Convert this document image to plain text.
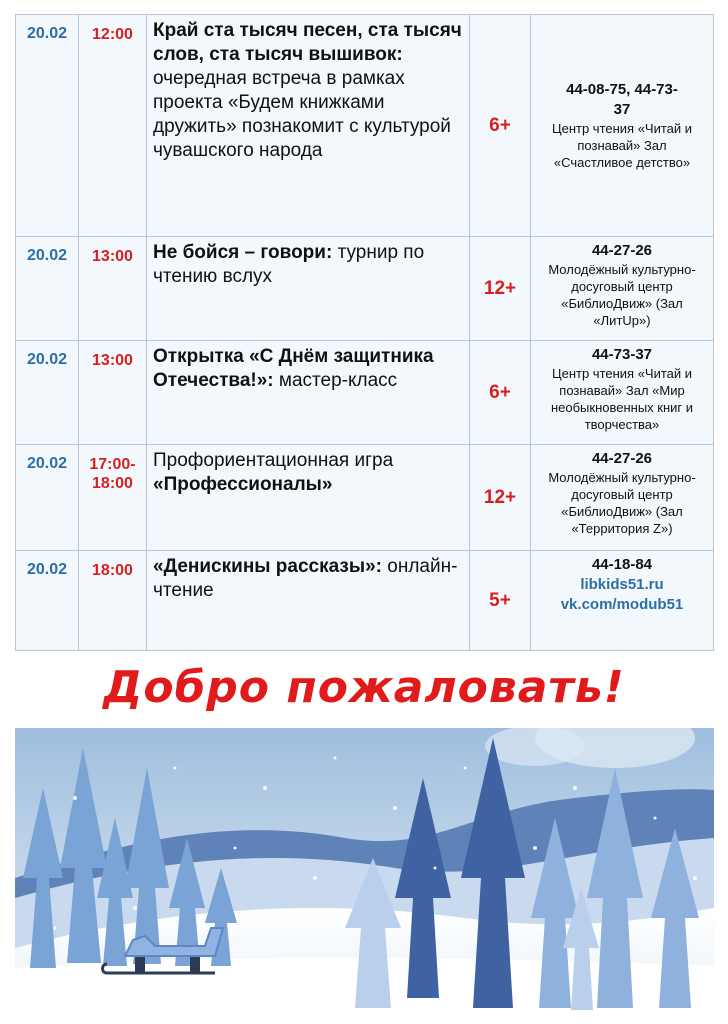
20.02	12:00	Край ста тысяч песен, ста тысяч слов, ста тысяч вышивок: очередная встреча в рамках проекта «Будем книжками дружить» познакомит с культурой чувашского народа	6+	44-08-75, 44-73-37
Центр чтения «Читай и познавай» Зал «Счастливое детство»

20.02	13:00	Не бойся – говори: турнир по чтению вслух	12+	44-27-26
Молодёжный культурно-досуговый центр «БиблиоДвиж» (Зал «ЛитUp»)

20.02	13:00	Открытка «С Днём защитника Отечества!»: мастер-класс	6+	44-73-37
Центр чтения «Читай и познавай» Зал «Мир необыкновенных книг и творчества»

20.02	17:00-18:00	Профориентационная игра «Профессионалы»	12+	44-27-26
Молодёжный культурно-досуговый центр «БиблиоДвиж» (Зал «Территория Z»)

20.02	18:00	«Денискины рассказы»: онлайн-чтение	5+	44-18-84
libkids51.ru
vk.com/modub51
Добро пожаловать!
